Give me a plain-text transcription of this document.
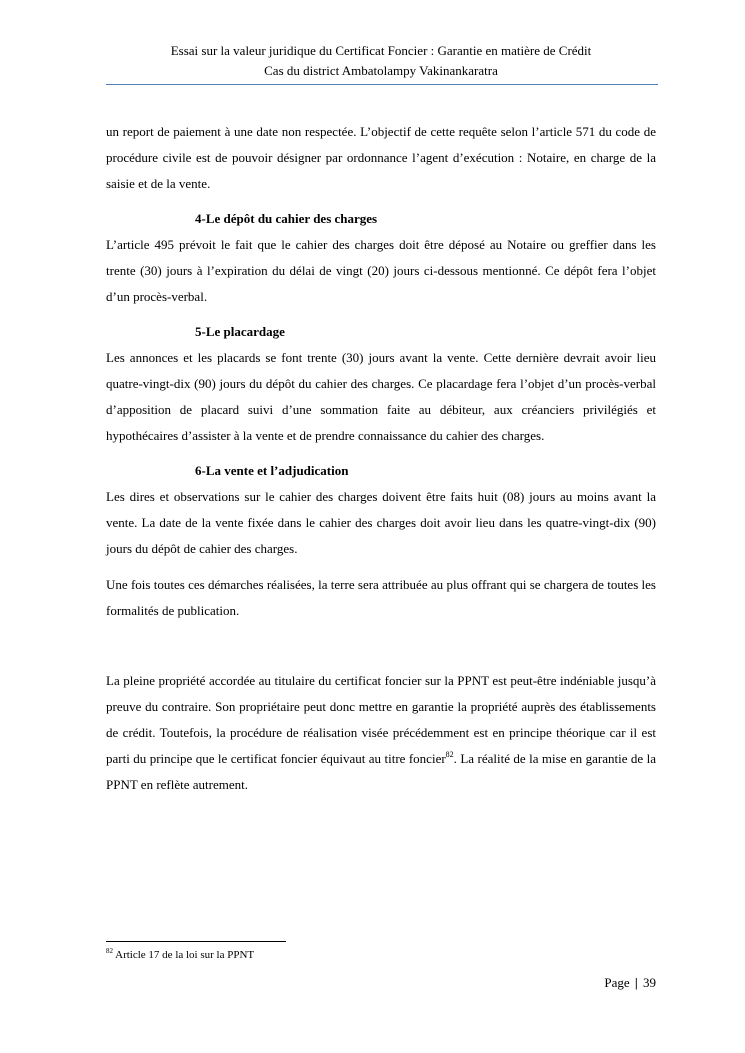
Essai sur la valeur juridique du Certificat Foncier : Garantie en matière de Crédit
Cas du district Ambatolampy Vakinankaratra

un report de paiement à une date non respectée. L’objectif de cette requête selon l’article 571 du code de procédure civile est de pouvoir désigner par ordonnance l’agent d’exécution : Notaire, en charge de la saisie et de la vente.

4-Le dépôt du cahier des charges

L’article 495 prévoit le fait que le cahier des charges doit être déposé au Notaire ou greffier dans les trente (30) jours à l’expiration du délai de vingt (20) jours ci-dessous mentionné. Ce dépôt fera l’objet d’un procès-verbal.

5-Le placardage

Les annonces et les placards se font trente (30) jours avant la vente. Cette dernière devrait avoir lieu quatre-vingt-dix (90) jours du dépôt du cahier des charges. Ce placardage fera l’objet d’un procès-verbal d’apposition de placard suivi d’une sommation faite au débiteur, aux créanciers privilégiés et hypothécaires d’assister à la vente et de prendre connaissance du cahier des charges.

6-La vente et l’adjudication

Les dires et observations sur le cahier des charges doivent être faits huit (08) jours au moins avant la vente. La date de la vente fixée dans le cahier des charges doit avoir lieu dans les quatre-vingt-dix (90) jours du dépôt de cahier des charges.

Une fois toutes ces démarches réalisées, la terre sera attribuée au plus offrant qui se chargera de toutes les formalités de publication.

La pleine propriété accordée au titulaire du certificat foncier sur la PPNT est peut-être indéniable jusqu’à preuve du contraire. Son propriétaire peut donc mettre en garantie la propriété auprès des établissements de crédit. Toutefois, la procédure de réalisation visée précédemment est en principe théorique car il est parti du principe que le certificat foncier équivaut au titre foncier$^{82}$. La réalité de la mise en garantie de la PPNT en reflète autrement.

$^{82}$ Article 17 de la loi sur la PPNT
Page | 39
